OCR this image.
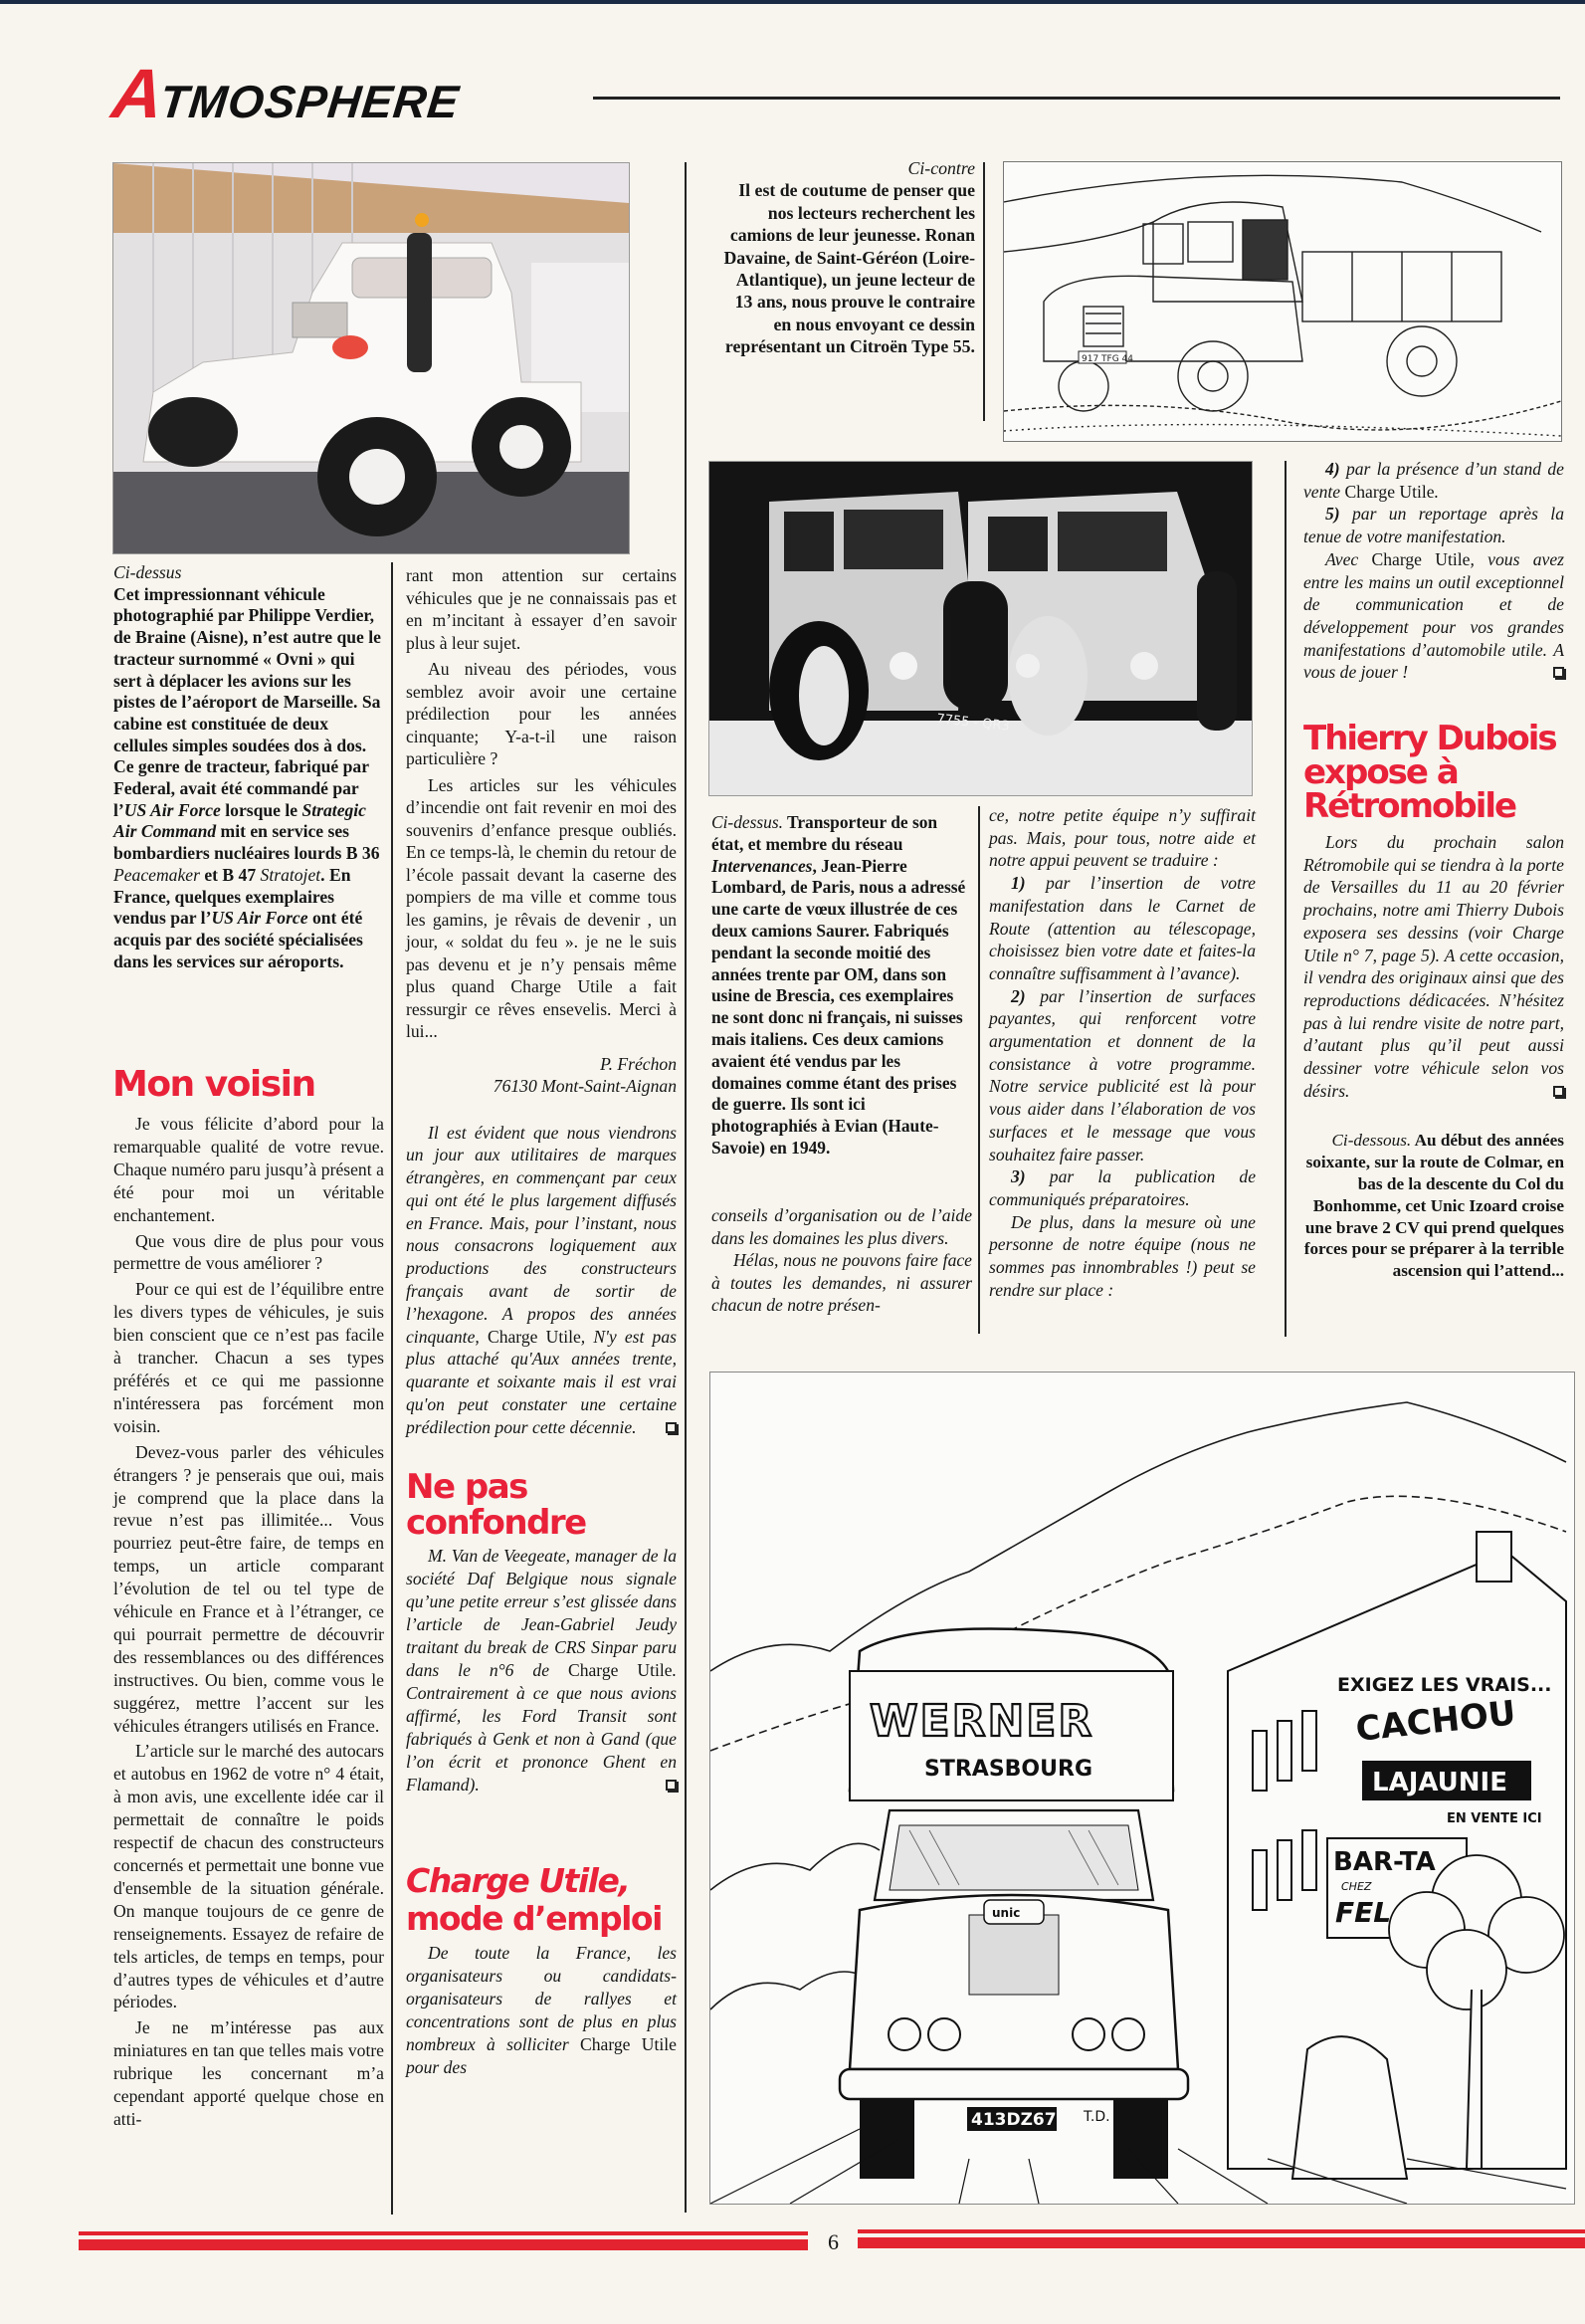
ATMOSPHERE
Ci-contre
Il est de coutume de penser que nos lecteurs recherchent les camions de leur jeunesse. Ronan Davaine, de Saint-Géréon (Loire-Atlantique), un jeune lecteur de 13 ans, nous prouve le contraire en nous envoyant ce dessin représentant un Citroën Type 55.
917 TFG 44
Ci-dessus
Cet impressionnant véhicule photographié par Philippe Verdier, de Braine (Aisne), n’est autre que le tracteur surnommé « Ovni » qui sert à déplacer les avions sur les pistes de l’aéroport de Marseille. Sa cabine est constituée de deux cellules simples soudées dos à dos. Ce genre de tracteur, fabriqué par Federal, avait été commandé par l’US Air Force lorsque le Strategic Air Command mit en service ses bombardiers nucléaires lourds B 36 Peacemaker et B 47 Stratojet. En France, quelques exemplaires vendus par l’US Air Force ont été acquis par des société spécialisées dans les services sur aéroports.
Mon voisin

Je vous félicite d’abord pour la remarquable qualité de votre revue. Chaque numéro paru jusqu’à présent a été pour moi un véritable enchantement.

Que vous dire de plus pour vous permettre de vous améliorer ?

Pour ce qui est de l’équilibre entre les divers types de véhicules, je suis bien conscient que ce n’est pas facile à trancher. Chacun a ses types préférés et ce qui me passionne n'intéressera pas forcément mon voisin.

Devez-vous parler des véhicules étrangers ? je penserais que oui, mais je comprend que la place dans la revue n’est pas illimitée... Vous pourriez peut-être faire, de temps en temps, un article comparant l’évolution de tel ou tel type de véhicule en France et à l’étranger, ce qui pourrait permettre de découvrir des ressemblances ou des différences instructives. Ou bien, comme vous le suggérez, mettre l’accent sur les véhicules étrangers utilisés en France.

L’article sur le marché des autocars et autobus en 1962 de votre n° 4 était, à mon avis, une excellente idée car il permettait de connaître le poids respectif de chacun des constructeurs concernés et permettait une bonne vue d'ensemble de la situation générale. On manque toujours de ce genre de renseignements. Essayez de refaire de tels articles, de temps en temps, pour d’autres types de véhicules et d’autre périodes.

Je ne m’intéresse pas aux miniatures en tan que telles mais votre rubrique les concernant m’a cependant apporté quelque chose en atti-

rant mon attention sur certains véhicules que je ne connaissais pas et en m’incitant à essayer d’en savoir plus à leur sujet.

Au niveau des périodes, vous semblez avoir avoir une certaine prédilection pour les années cinquante; Y-a-t-il une raison particulière ?

Les articles sur les véhicules d’incendie ont fait revenir en moi des souvenirs d’enfance presque oubliés. En ce temps-là, le chemin du retour de l’école passait devant la caserne des pompiers de ma ville et comme tous les gamins, je rêvais de devenir , un jour, « soldat du feu ». je ne le suis pas devenu et je n’y pensais même plus quand Charge Utile a fait ressurgir ce rêves ensevelis. Merci à lui...

P. Fréchon

76130 Mont-Saint-Aignan

Il est évident que nous viendrons un jour aux utilitaires de marques étrangères, en commençant par ceux qui ont été le plus largement diffusés en France. Mais, pour l’instant, nous nous consacrons logiquement aux productions des constructeurs français avant de sortir de l’hexagone. A propos des années cinquante, Charge Utile, N'y est pas plus attaché qu'Aux années trente, quarante et soixante mais il est vrai qu'on peut constater une certaine prédilection pour cette décennie.

Ne pas
confondre

M. Van de Veegeate, manager de la société Daf Belgique nous signale qu’une petite erreur s’est glissée dans l’article de Jean-Gabriel Jeudy traitant du break de CRS Sinpar paru dans le n°6 de Charge Utile. Contrairement à ce que nous avions affirmé, les Ford Transit sont fabriqués à Genk et non à Gand (que l’on écrit et prononce Ghent en Flamand).

Charge Utile,
mode d’emploi

De toute la France, les organisateurs ou candidats-organisateurs de rallyes et concentrations sont de plus en plus nombreux à solliciter Charge Utile pour des

7755 - QR3
Ci-dessus. Transporteur de son état, et membre du réseau Intervenances, Jean-Pierre Lombard, de Paris, nous a adressé une carte de vœux illustrée de ces deux camions Saurer. Fabriqués pendant la seconde moitié des années trente par OM, dans son usine de Brescia, ces exemplaires ne sont donc ni français, ni suisses mais italiens. Ces deux camions avaient été vendus par les domaines comme étant des prises de guerre. Ils sont ici photographiés à Evian (Haute-Savoie) en 1949.

conseils d’organisation ou de l’aide dans les domaines les plus divers.

Hélas, nous ne pouvons faire face à toutes les demandes, ni assurer chacun de notre présen-

ce, notre petite équipe n’y suffirait pas. Mais, pour tous, notre aide et notre appui peuvent se traduire :

1) par l’insertion de votre manifestation dans le Carnet de Route (attention au télescopage, choisissez bien votre date et faites-la connaître suffisamment à l’avance).

2) par l’insertion de surfaces payantes, qui renforcent votre argumentation et donnent de la consistance à votre programme. Notre service publicité est là pour vous aider dans l’élaboration de vos surfaces et le message que vous souhaitez faire passer.

3) par la publication de communiqués préparatoires.

De plus, dans la mesure où une personne de notre équipe (nous ne sommes pas innombrables !) peut se rendre sur place :

4) par la présence d’un stand de vente Charge Utile.

5) par un reportage après la tenue de votre manifestation.

Avec Charge Utile, vous avez entre les mains un outil exceptionnel de communication et de développement pour vos grandes manifestations d’automobile utile. A vous de jouer !

Thierry Dubois
expose à
Rétromobile

Lors du prochain salon Rétromobile qui se tiendra à la porte de Versailles du 11 au 20 février prochains, notre ami Thierry Dubois exposera ses dessins (voir Charge Utile n° 7, page 5). A cette occasion, il vendra des originaux ainsi que des reproductions dédicacées. N’hésitez pas à lui rendre visite de notre part, d’autant plus qu’il peut aussi dessiner votre véhicule selon vos désirs.

Ci-dessous. Au début des années soixante, sur la route de Colmar, en bas de la descente du Col du Bonhomme, cet Unic Izoard croise une brave 2 CV qui prend quelques forces pour se préparer à la terrible ascension qui l’attend...

EXIGEZ LES VRAIS...
CACHOU
LAJAUNIE
EN VENTE ICI
BAR-TA
CHEZ
FEL
WERNER
STRASBOURG
unic
413DZ67 T.D.
6
